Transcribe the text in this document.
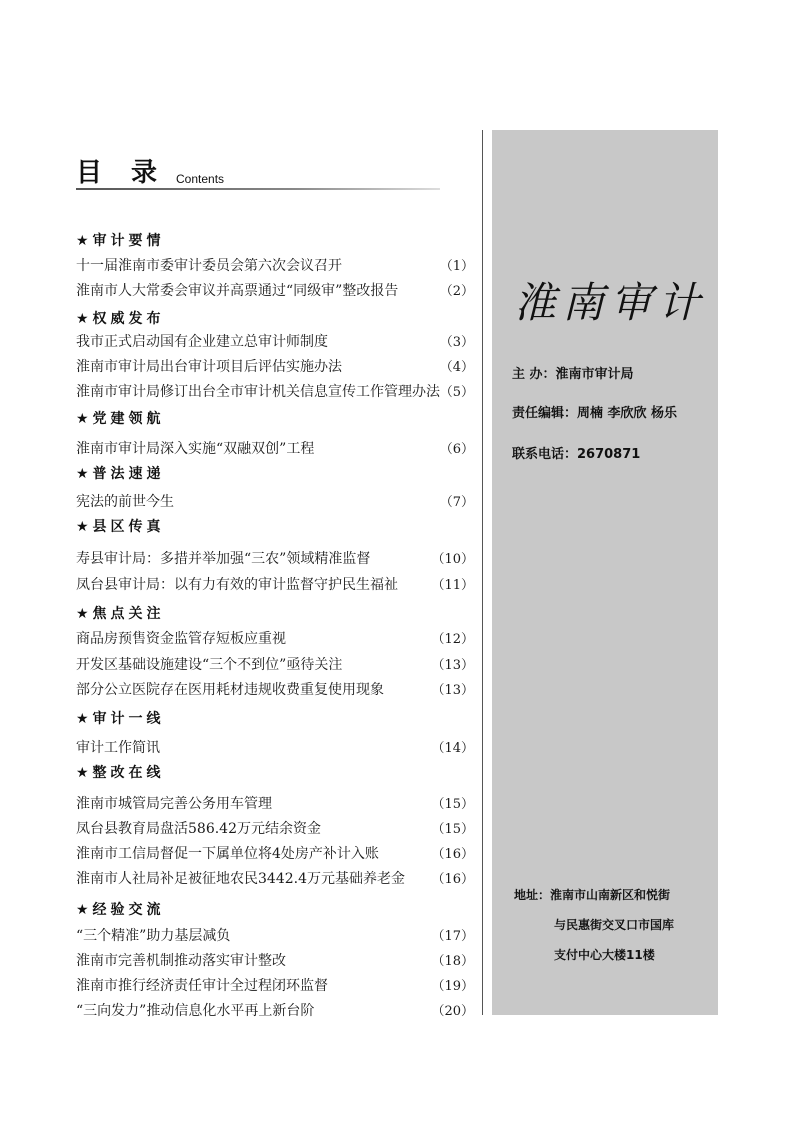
目 录 Contents
★审计要情
十一届淮南市委审计委员会第六次会议召开	（1）
淮南市人大常委会审议并高票通过“同级审”整改报告	（2）
★权威发布
我市正式启动国有企业建立总审计师制度	（3）
淮南市审计局出台审计项目后评估实施办法	（4）
淮南市审计局修订出台全市审计机关信息宣传工作管理办法 （5）
★党建领航
淮南市审计局深入实施“双融双创”工程	（6）
★普法速递
宪法的前世今生	（7）
★县区传真
寿县审计局：多措并举加强“三农”领域精准监督	（10）
凤台县审计局：以有力有效的审计监督守护民生福祉	（11）
★焦点关注
商品房预售资金监管存短板应重视	（12）
开发区基础设施建设“三个不到位”亟待关注	（13）
部分公立医院存在医用耗材违规收费重复使用现象	（13）
★审计一线
审计工作简讯	（14）
★整改在线
淮南市城管局完善公务用车管理	（15）
凤台县教育局盘活586.42万元结余资金	（15）
淮南市工信局督促一下属单位将4处房产补计入账	（16）
淮南市人社局补足被征地农民3442.4万元基础养老金 （16）
★经验交流
“三个精准”助力基层减负	（17）
淮南市完善机制推动落实审计整改	（18）
淮南市推行经济责任审计全过程闭环监督	（19）
“三向发力”推动信息化水平再上新台阶	（20）
淮南审计
主 办：淮南市审计局
责任编辑：周楠 李欣欣 杨乐
联系电话：2670871
地址：淮南市山南新区和悦街
与民惠街交叉口市国库
支付中心大楼11楼
